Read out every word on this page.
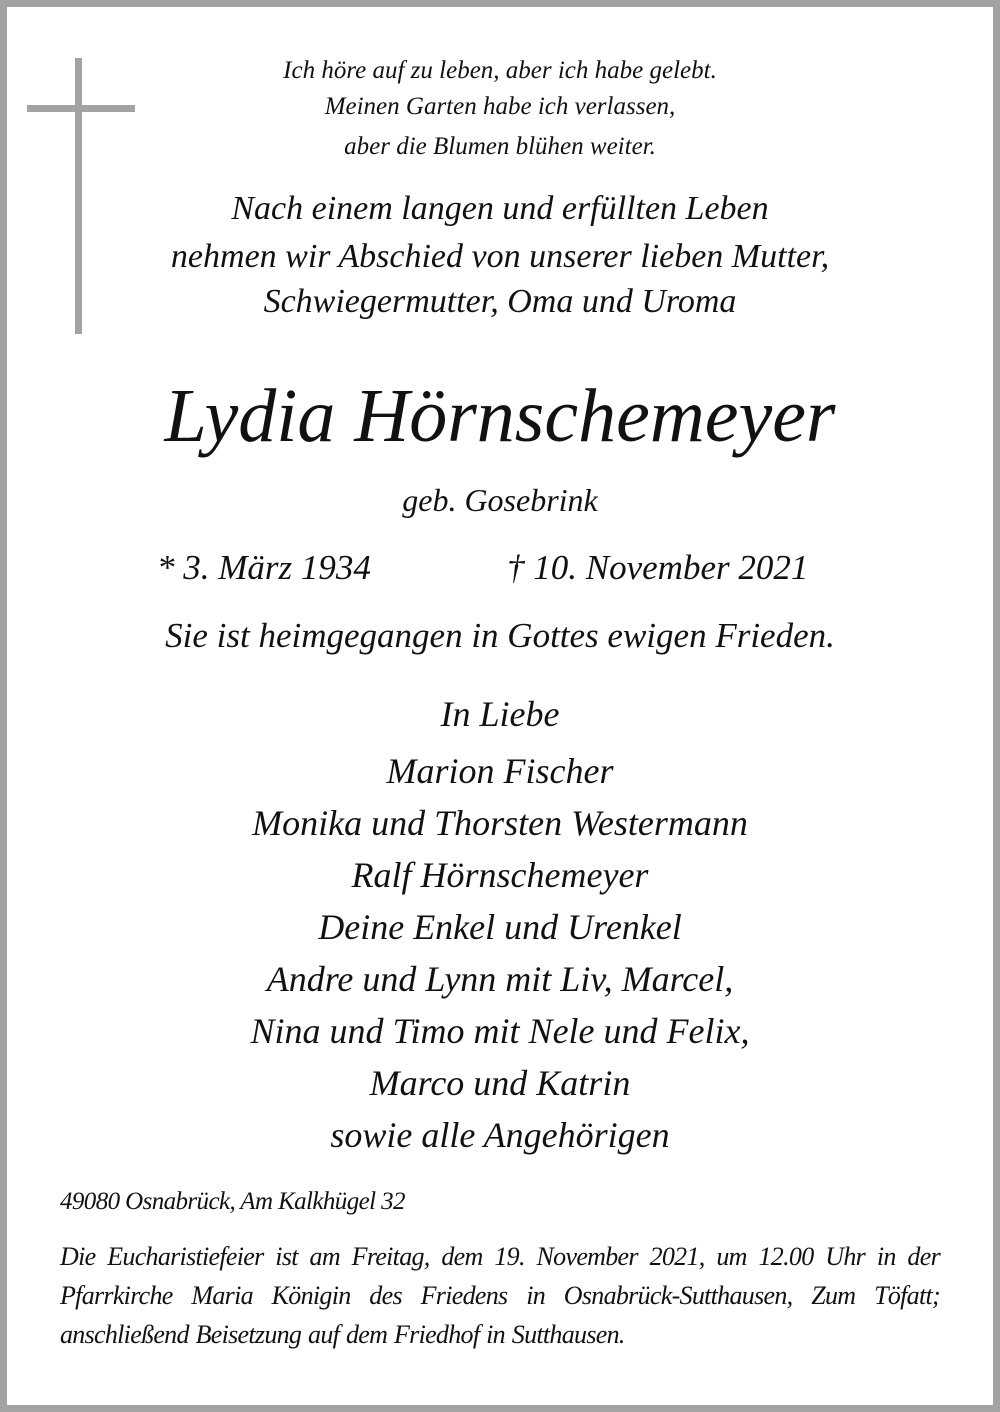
Ich höre auf zu leben, aber ich habe gelebt.
Meinen Garten habe ich verlassen,
aber die Blumen blühen weiter.
Nach einem langen und erfüllten Leben
nehmen wir Abschied von unserer lieben Mutter,
Schwiegermutter, Oma und Uroma
Lydia Hörnschemeyer
geb. Gosebrink
* 3. März 1934	† 10. November 2021
Sie ist heimgegangen in Gottes ewigen Frieden.
In Liebe
Marion Fischer
Monika und Thorsten Westermann
Ralf Hörnschemeyer
Deine Enkel und Urenkel
Andre und Lynn mit Liv, Marcel,
Nina und Timo mit Nele und Felix,
Marco und Katrin
sowie alle Angehörigen
49080 Osnabrück, Am Kalkhügel 32
Die Eucharistiefeier ist am Freitag, dem 19. November 2021, um 12.00 Uhr in der Pfarrkirche Maria Königin des Friedens in Osnabrück-Sutthausen, Zum Töfatt; anschließend Beisetzung auf dem Friedhof in Sutthausen.
